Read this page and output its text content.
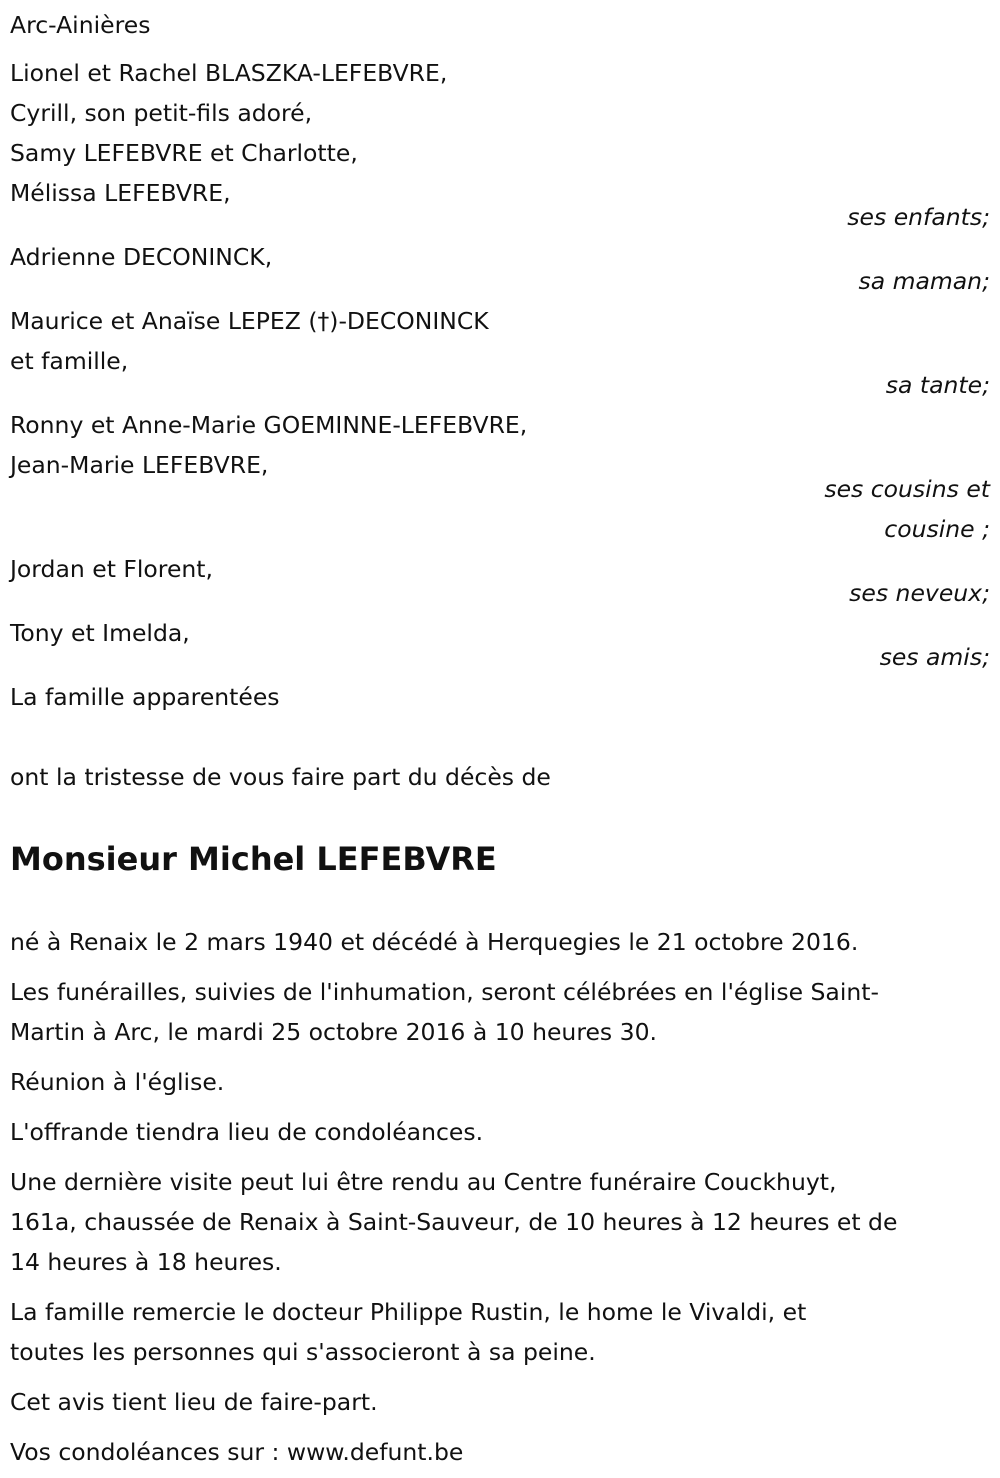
Arc-Ainières
Lionel et Rachel BLASZKA-LEFEBVRE,
Cyrill, son petit-fils adoré,
Samy LEFEBVRE et Charlotte,
Mélissa LEFEBVRE,
ses enfants;
Adrienne DECONINCK,
sa maman;
Maurice et Anaïse LEPEZ (†)-DECONINCK
et famille,
sa tante;
Ronny et Anne-Marie GOEMINNE-LEFEBVRE,
Jean-Marie LEFEBVRE,
ses cousins et
cousine ;
Jordan et Florent,
ses neveux;
Tony et Imelda,
ses amis;
La famille apparentées
ont la tristesse de vous faire part du décès de
Monsieur Michel LEFEBVRE
né à Renaix le 2 mars 1940 et décédé à Herquegies le 21 octobre 2016.
Les funérailles, suivies de l'inhumation, seront célébrées en l'église Saint-
Martin à Arc, le mardi 25 octobre 2016 à 10 heures 30.
Réunion à l'église.
L'offrande tiendra lieu de condoléances.
Une dernière visite peut lui être rendu au Centre funéraire Couckhuyt,
161a, chaussée de Renaix à Saint-Sauveur, de 10 heures à 12 heures et de
14 heures à 18 heures.
La famille remercie le docteur Philippe Rustin, le home le Vivaldi, et
toutes les personnes qui s'associeront à sa peine.
Cet avis tient lieu de faire-part.
Vos condoléances sur : www.defunt.be
